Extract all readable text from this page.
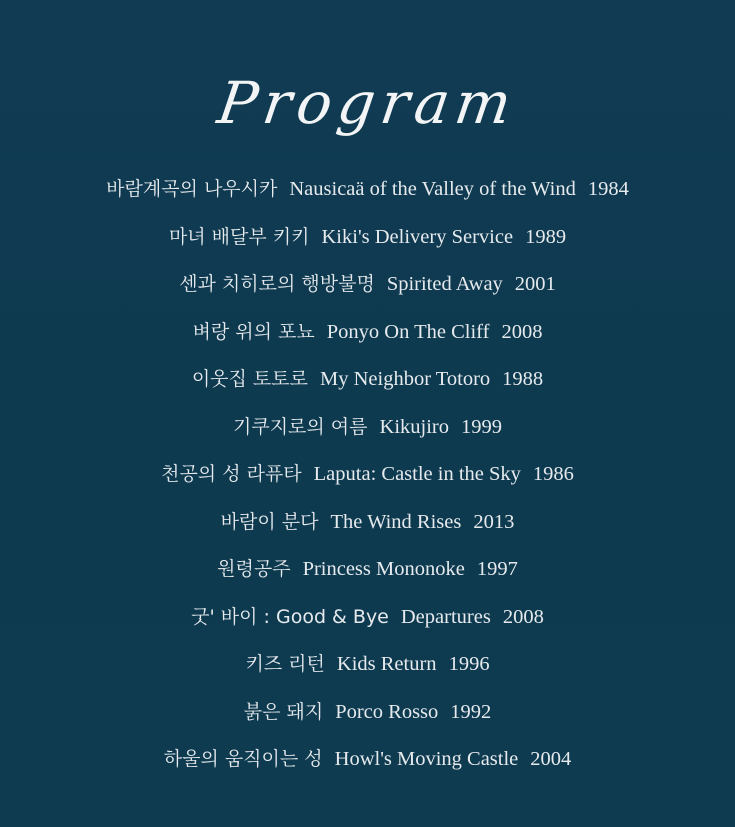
Program
바람계곡의 나우시카 Nausicaä of the Valley of the Wind 1984
마녀 배달부 키키 Kiki's Delivery Service 1989
센과 치히로의 행방불명 Spirited Away 2001
벼랑 위의 포뇨 Ponyo On The Cliff 2008
이웃집 토토로 My Neighbor Totoro 1988
기쿠지로의 여름 Kikujiro 1999
천공의 성 라퓨타 Laputa: Castle in the Sky 1986
바람이 분다 The Wind Rises 2013
원령공주 Princess Mononoke 1997
굿' 바이 : Good & Bye Departures 2008
키즈 리턴 Kids Return 1996
붉은 돼지 Porco Rosso 1992
하울의 움직이는 성 Howl's Moving Castle 2004
